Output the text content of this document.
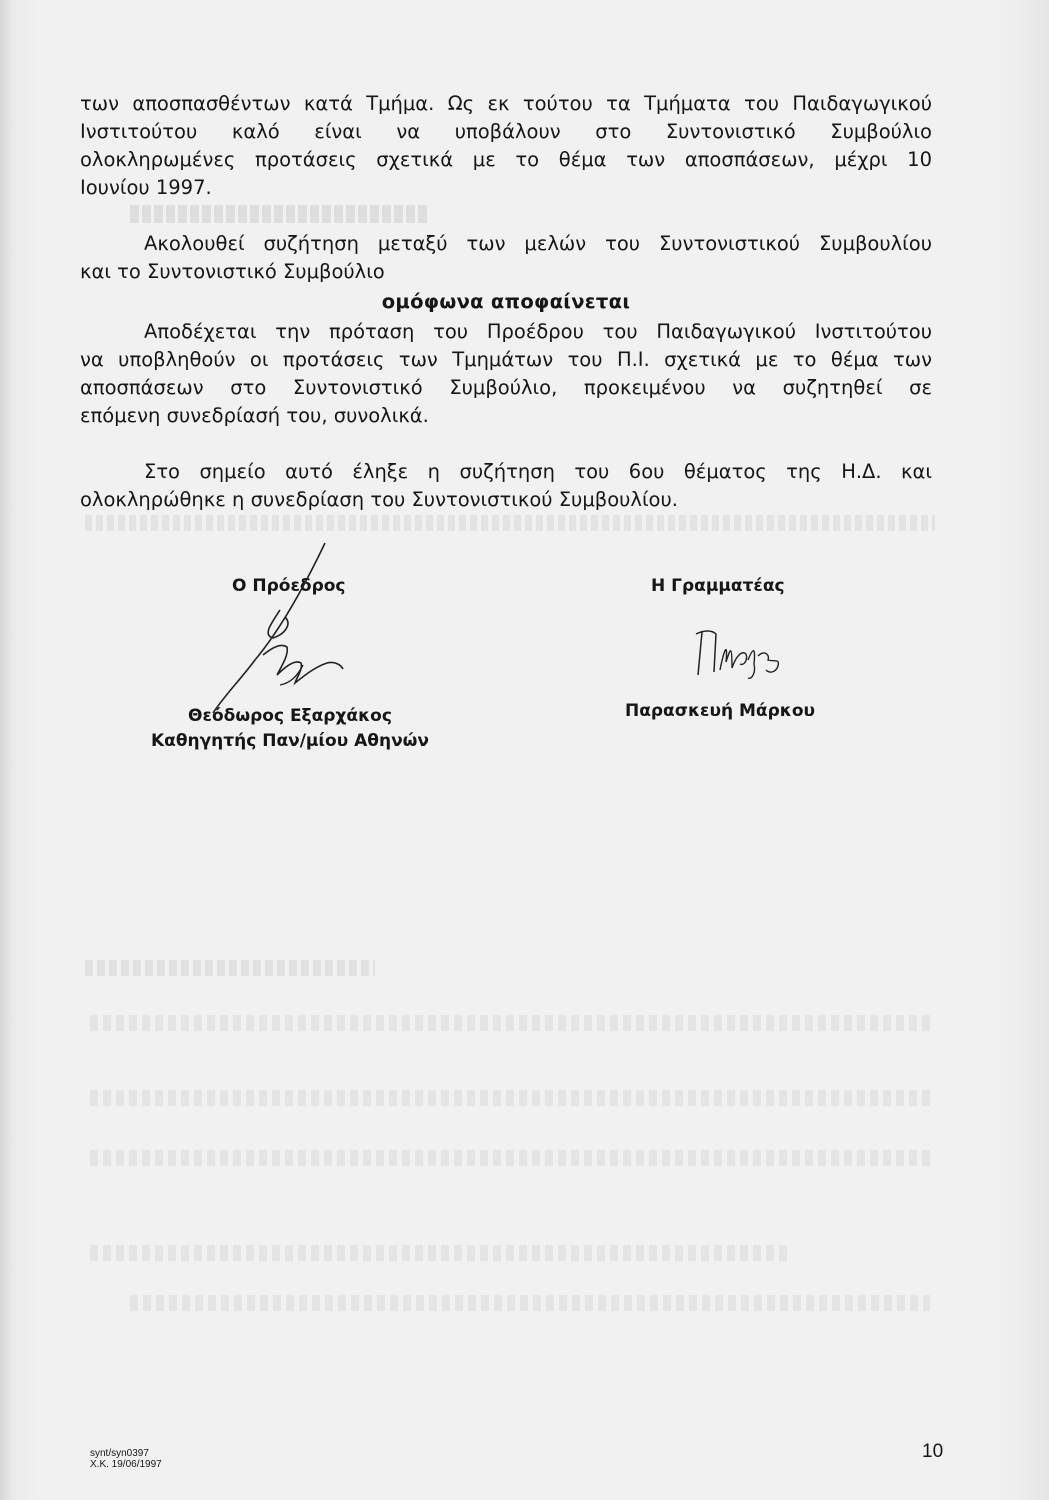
των αποσπασθέντων κατά Τμήμα. Ως εκ τούτου τα Τμήματα του Παιδαγωγικού
Ινστιτούτου καλό είναι να υποβάλουν στο Συντονιστικό Συμβούλιο
ολοκληρωμένες προτάσεις σχετικά με το θέμα των αποσπάσεων, μέχρι 10
Ιουνίου 1997.
Ακολουθεί συζήτηση μεταξύ των μελών του Συντονιστικού Συμβουλίου
και το Συντονιστικό Συμβούλιο
ομόφωνα αποφαίνεται
Αποδέχεται την πρόταση του Προέδρου του Παιδαγωγικού Ινστιτούτου
να υποβληθούν οι προτάσεις των Τμημάτων του Π.Ι. σχετικά με το θέμα των
αποσπάσεων στο Συντονιστικό Συμβούλιο, προκειμένου να συζητηθεί σε
επόμενη συνεδρίασή του, συνολικά.
Στο σημείο αυτό έληξε η συζήτηση του 6ου θέματος της Η.Δ. και
ολοκληρώθηκε η συνεδρίαση του Συντονιστικού Συμβουλίου.
Ο Πρόεδρος
Θεόδωρος Εξαρχάκος
Καθηγητής Παν/μίου Αθηνών
Η Γραμματέας
Παρασκευή Μάρκου
synt/syn0397
Χ.Κ. 19/06/1997
10
